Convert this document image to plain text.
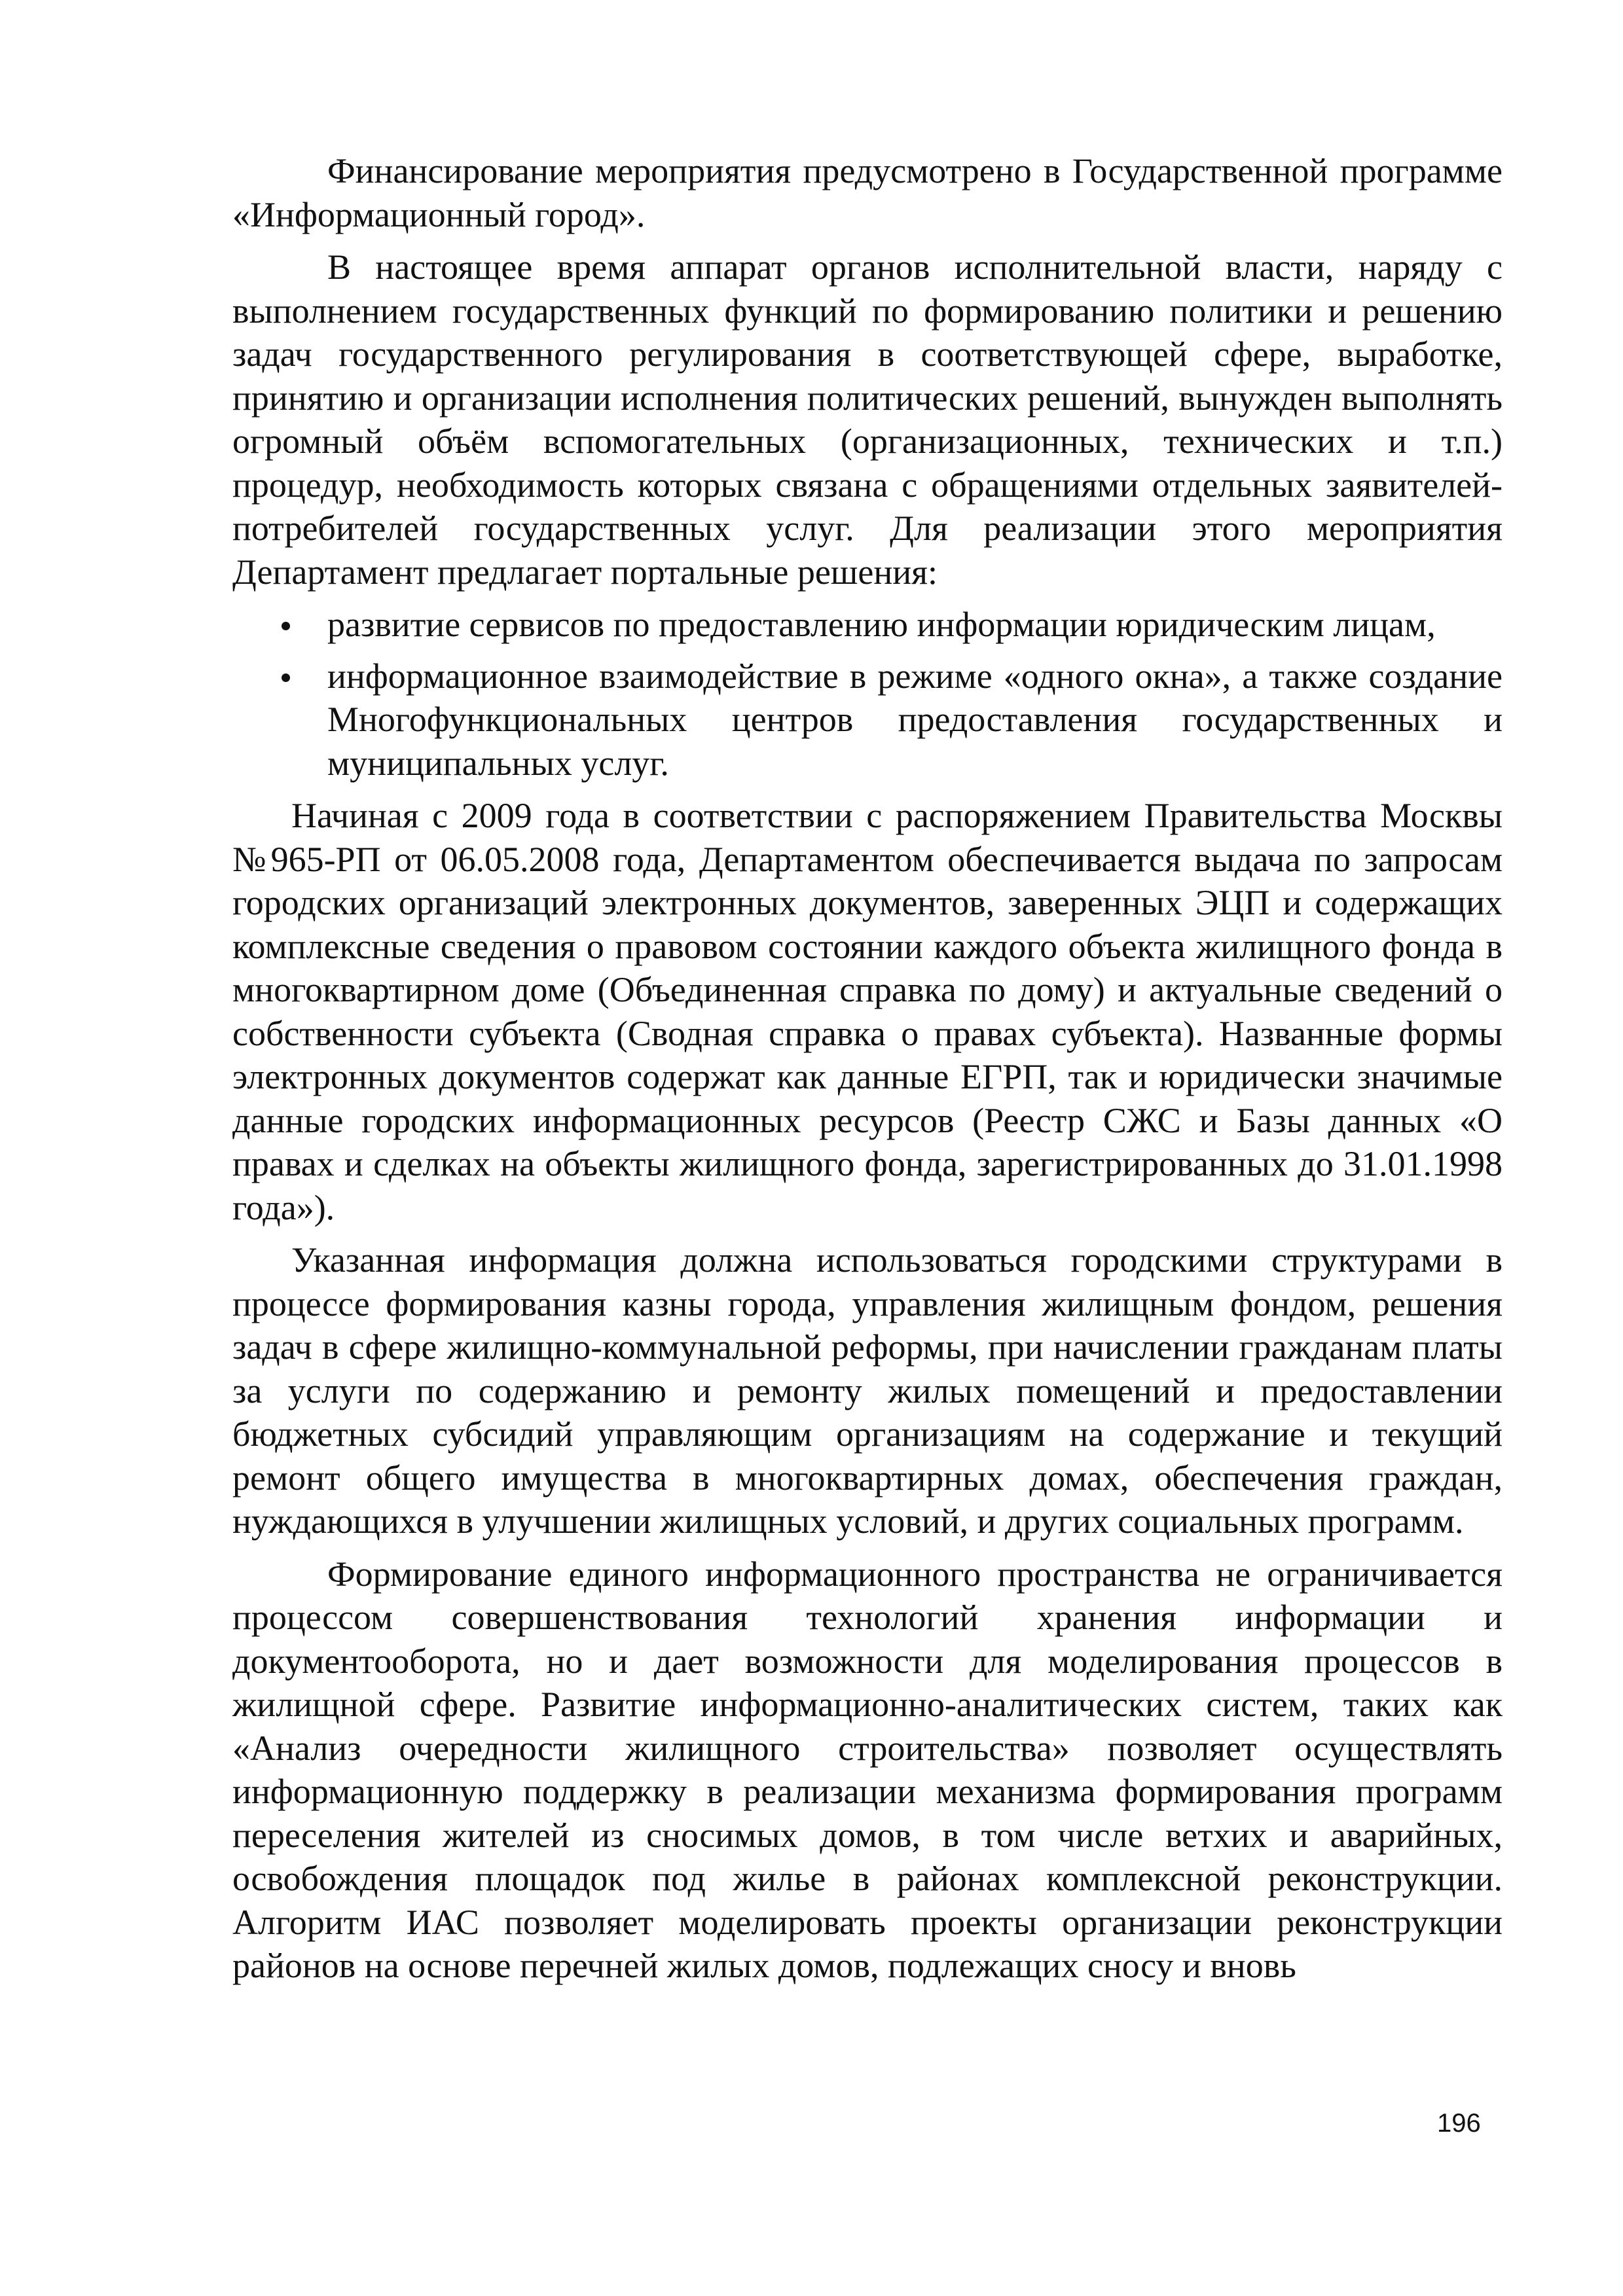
Финансирование мероприятия предусмотрено в Государственной программе «Информационный город».

В настоящее время аппарат органов исполнительной власти, наряду с выполнением государственных функций по формированию политики и решению задач государственного регулирования в соответствующей сфере, выработке, принятию и организации исполнения политических решений, вынужден выполнять огромный объём вспомогательных (организационных, технических и т.п.) процедур, необходимость которых связана с обращениями отдельных заявителей-потребителей государственных услуг. Для реализации этого мероприятия Департамент предлагает портальные решения:

развитие сервисов по предоставлению информации юридическим лицам,
информационное взаимодействие в режиме «одного окна», а также создание Многофункциональных центров предоставления государственных и муниципальных услуг.

Начиная с 2009 года в соответствии с распоряжением Правительства Москвы №965-РП от 06.05.2008 года, Департаментом обеспечивается выдача по запросам городских организаций электронных документов, заверенных ЭЦП и содержащих комплексные сведения о правовом состоянии каждого объекта жилищного фонда в многоквартирном доме (Объединенная справка по дому) и актуальные сведений о собственности субъекта (Сводная справка о правах субъекта). Названные формы электронных документов содержат как данные ЕГРП, так и юридически значимые данные городских информационных ресурсов (Реестр СЖС и Базы данных «О правах и сделках на объекты жилищного фонда, зарегистрированных до 31.01.1998 года»).

Указанная информация должна использоваться городскими структурами в процессе формирования казны города, управления жилищным фондом, решения задач в сфере жилищно-коммунальной реформы, при начислении гражданам платы за услуги по содержанию и ремонту жилых помещений и предоставлении бюджетных субсидий управляющим организациям на содержание и текущий ремонт общего имущества в многоквартирных домах, обеспечения граждан, нуждающихся в улучшении жилищных условий, и других социальных программ.

Формирование единого информационного пространства не ограничивается процессом совершенствования технологий хранения информации и документооборота, но и дает возможности для моделирования процессов в жилищной сфере. Развитие информационно-аналитических систем, таких как «Анализ очередности жилищного строительства» позволяет осуществлять информационную поддержку в реализации механизма формирования программ переселения жителей из сносимых домов, в том числе ветхих и аварийных, освобождения площадок под жилье в районах комплексной реконструкции. Алгоритм ИАС позволяет моделировать проекты организации реконструкции районов на основе перечней жилых домов, подлежащих сносу и вновь

196
